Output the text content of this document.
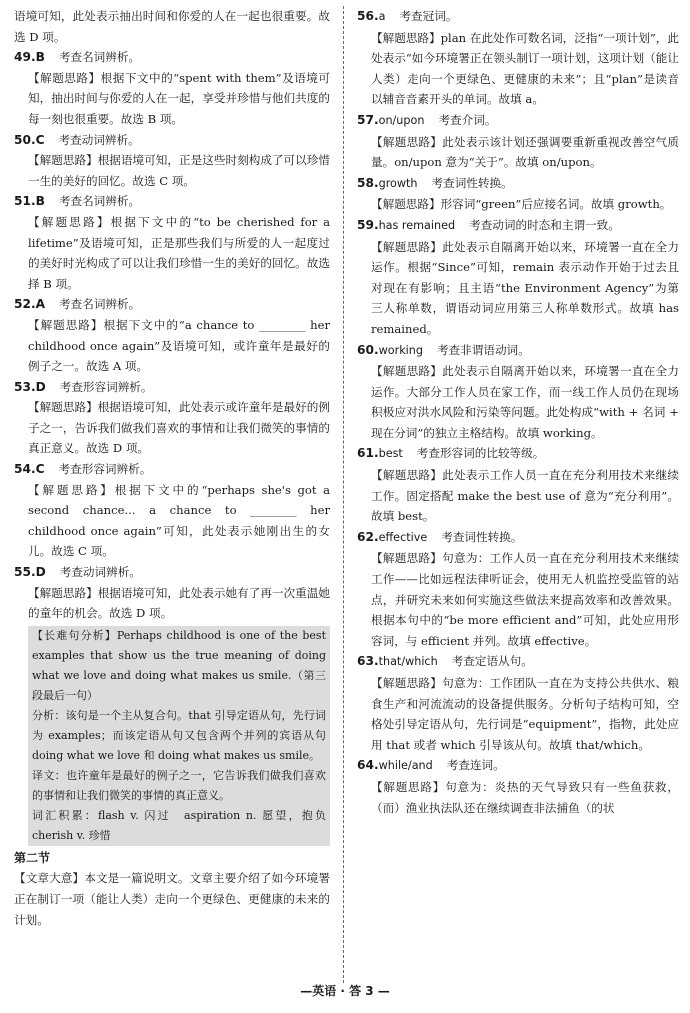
语境可知，此处表示抽出时间和你爱的人在一起也很重要。故选 D 项。
49.B 考查名词辨析。
【解题思路】根据下文中的“spent with them”及语境可知，抽出时间与你爱的人在一起，享受并珍惜与他们共度的每一刻也很重要。故选 B 项。
50.C 考查动词辨析。
【解题思路】根据语境可知，正是这些时刻构成了可以珍惜一生的美好的回忆。故选 C 项。
51.B 考查名词辨析。
【解题思路】根据下文中的“to be cherished for a lifetime”及语境可知，正是那些我们与所爱的人一起度过的美好时光构成了可以让我们珍惜一生的美好的回忆。故选择 B 项。
52.A 考查名词辨析。
【解题思路】根据下文中的“a chance to ________ her childhood once again”及语境可知，或许童年是最好的例子之一。故选 A 项。
53.D 考查形容词辨析。
【解题思路】根据语境可知，此处表示或许童年是最好的例子之一，告诉我们做我们喜欢的事情和让我们微笑的事情的真正意义。故选 D 项。
54.C 考查形容词辨析。
【解题思路】根据下文中的“perhaps she's got a second chance... a chance to ________ her childhood once again”可知，此处表示她刚出生的女儿。故选 C 项。
55.D 考查动词辨析。
【解题思路】根据语境可知，此处表示她有了再一次重温她的童年的机会。故选 D 项。
【长难句分析】Perhaps childhood is one of the best examples that show us the true meaning of doing what we love and doing what makes us smile.（第三段最后一句）
分析：该句是一个主从复合句。that 引导定语从句，先行词为 examples；而该定语从句又包含两个并列的宾语从句 doing what we love 和 doing what makes us smile。
译文：也许童年是最好的例子之一，它告诉我们做我们喜欢的事情和让我们微笑的事情的真正意义。
词汇积累：flash v. 闪过　aspiration n. 愿望，抱负　cherish v. 珍惜
第二节
【文章大意】本文是一篇说明文。文章主要介绍了如今环境署正在制订一项（能让人类）走向一个更绿色、更健康的未来的计划。
56.a 考查冠词。
【解题思路】plan 在此处作可数名词，泛指“一项计划”，此处表示“如今环境署正在领头制订一项计划，这项计划（能让人类）走向一个更绿色、更健康的未来”；且“plan”是读音以辅音音素开头的单词。故填 a。
57.on/upon 考查介词。
【解题思路】此处表示该计划还强调要重新重视改善空气质量。on/upon 意为“关于”。故填 on/upon。
58.growth 考查词性转换。
【解题思路】形容词“green”后应接名词。故填 growth。
59.has remained 考查动词的时态和主谓一致。
【解题思路】此处表示自隔离开始以来，环境署一直在全力运作。根据“Since”可知，remain 表示动作开始于过去且对现在有影响；且主语“the Environment Agency”为第三人称单数，谓语动词应用第三人称单数形式。故填 has remained。
60.working 考查非谓语动词。
【解题思路】此处表示自隔离开始以来，环境署一直在全力运作。大部分工作人员在家工作，而一线工作人员仍在现场积极应对洪水风险和污染等问题。此处构成“with + 名词 + 现在分词”的独立主格结构。故填 working。
61.best 考查形容词的比较等级。
【解题思路】此处表示工作人员一直在充分利用技术来继续工作。固定搭配 make the best use of 意为“充分利用”。故填 best。
62.effective 考查词性转换。
【解题思路】句意为：工作人员一直在充分利用技术来继续工作——比如远程法律听证会，使用无人机监控受监管的站点，并研究未来如何实施这些做法来提高效率和改善效果。根据本句中的“be more efficient and”可知，此处应用形容词，与 efficient 并列。故填 effective。
63.that/which 考查定语从句。
【解题思路】句意为：工作团队一直在为支持公共供水、粮食生产和河流流动的设备提供服务。分析句子结构可知，空格处引导定语从句，先行词是“equipment”，指物，此处应用 that 或者 which 引导该从句。故填 that/which。
64.while/and 考查连词。
【解题思路】句意为：炎热的天气导致只有一些鱼获救，（而）渔业执法队还在继续调查非法捕鱼（的状
—英语 · 答 3 —
